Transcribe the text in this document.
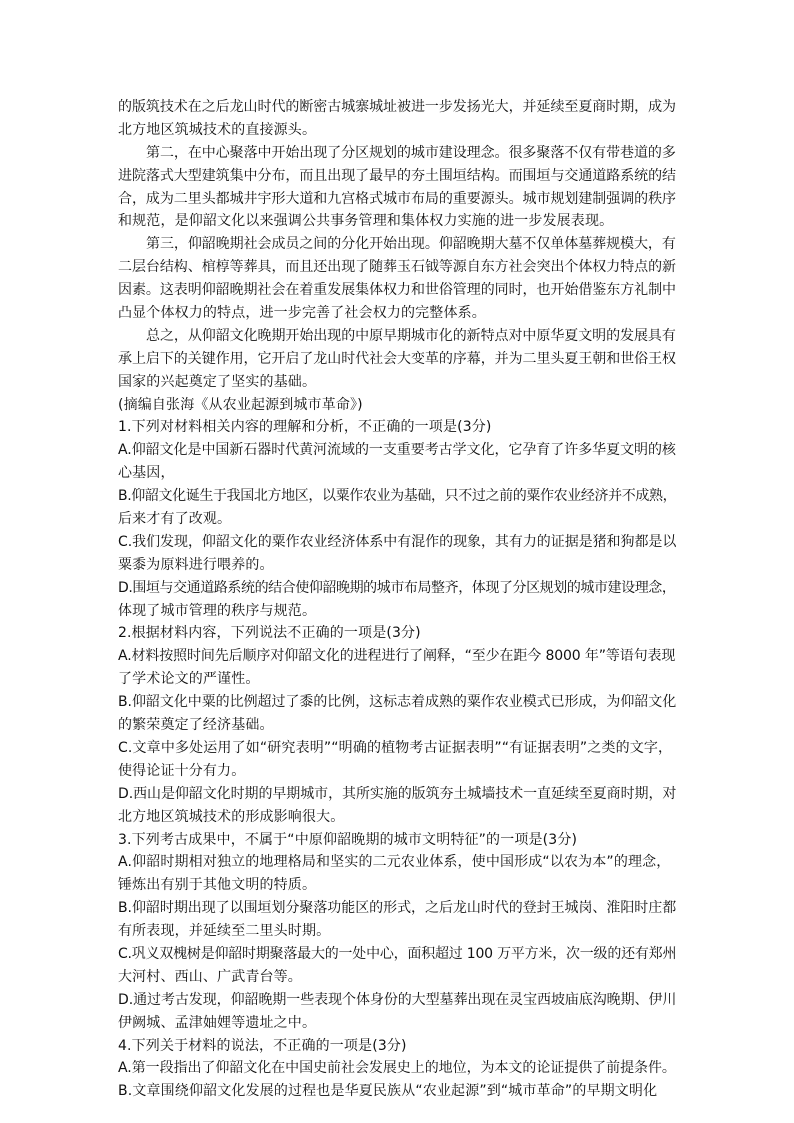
的版筑技术在之后龙山时代的断密古城寨城址被进一步发扬光大，并延续至夏商时期，成为
北方地区筑城技术的直接源头。
第二，在中心聚落中开始出现了分区规划的城市建设理念。很多聚落不仅有带巷道的多
进院落式大型建筑集中分布，而且出现了最早的夯土围垣结构。而围垣与交通道路系统的结
合，成为二里头都城井宇形大道和九宫格式城市布局的重要源头。城市规划建制强调的秩序
和规范，是仰韶文化以来强调公共事务管理和集体权力实施的进一步发展表现。
第三，仰韶晚期社会成员之间的分化开始出现。仰韶晚期大墓不仅单体墓葬规模大，有
二层台结构、棺椁等葬具，而且还出现了随葬玉石钺等源自东方社会突出个体权力特点的新
因素。这表明仰韶晚期社会在着重发展集体权力和世俗管理的同时，也开始借鉴东方礼制中
凸显个体权力的特点，进一步完善了社会权力的完整体系。
总之，从仰韶文化晚期开始出现的中原早期城市化的新特点对中原华夏文明的发展具有
承上启下的关键作用，它开启了龙山时代社会大变革的序幕，并为二里头夏王朝和世俗王权
国家的兴起奠定了坚实的基础。
(摘编自张海《从农业起源到城市革命》)
1.下列对材料相关内容的理解和分析，不正确的一项是(3分)
A.仰韶文化是中国新石器时代黄河流域的一支重要考古学文化，它孕育了许多华夏文明的核
心基因，
B.仰韶文化诞生于我国北方地区，以粟作农业为基础，只不过之前的粟作农业经济并不成熟，
后来才有了改观。
C.我们发现，仰韶文化的粟作农业经济体系中有混作的现象，其有力的证据是猪和狗都是以
粟黍为原料进行喂养的。
D.围垣与交通道路系统的结合使仰韶晚期的城市布局整齐，体现了分区规划的城市建设理念，
体现了城市管理的秩序与规范。
2.根据材料内容，下列说法不正确的一项是(3分)
A.材料按照时间先后顺序对仰韶文化的进程进行了阐释，“至少在距今 8000 年”等语句表现
了学术论文的严谨性。
B.仰韶文化中粟的比例超过了黍的比例，这标志着成熟的粟作农业模式已形成，为仰韶文化
的繁荣奠定了经济基础。
C.文章中多处运用了如“研究表明”“明确的植物考古证据表明”“有证据表明”之类的文字，
使得论证十分有力。
D.西山是仰韶文化时期的早期城市，其所实施的版筑夯土城墙技术一直延续至夏商时期，对
北方地区筑城技术的形成影响很大。
3.下列考古成果中，不属于“中原仰韶晚期的城市文明特征”的一项是(3分)
A.仰韶时期相对独立的地理格局和坚实的二元农业体系，使中国形成“以农为本”的理念，
锤炼出有别于其他文明的特质。
B.仰韶时期出现了以围垣划分聚落功能区的形式，之后龙山时代的登封王城岗、淮阳时庄都
有所表现，并延续至二里头时期。
C.巩义双槐树是仰韶时期聚落最大的一处中心，面积超过 100 万平方米，次一级的还有郑州
大河村、西山、广武青台等。
D.通过考古发现，仰韶晚期一些表现个体身份的大型墓葬出现在灵宝西坡庙底沟晚期、伊川
伊阙城、孟津妯娌等遗址之中。
4.下列关于材料的说法，不正确的一项是(3分)
A.第一段指出了仰韶文化在中国史前社会发展史上的地位，为本文的论证提供了前提条件。
B.文章围绕仰韶文化发展的过程也是华夏民族从“农业起源”到“城市革命”的早期文明化
